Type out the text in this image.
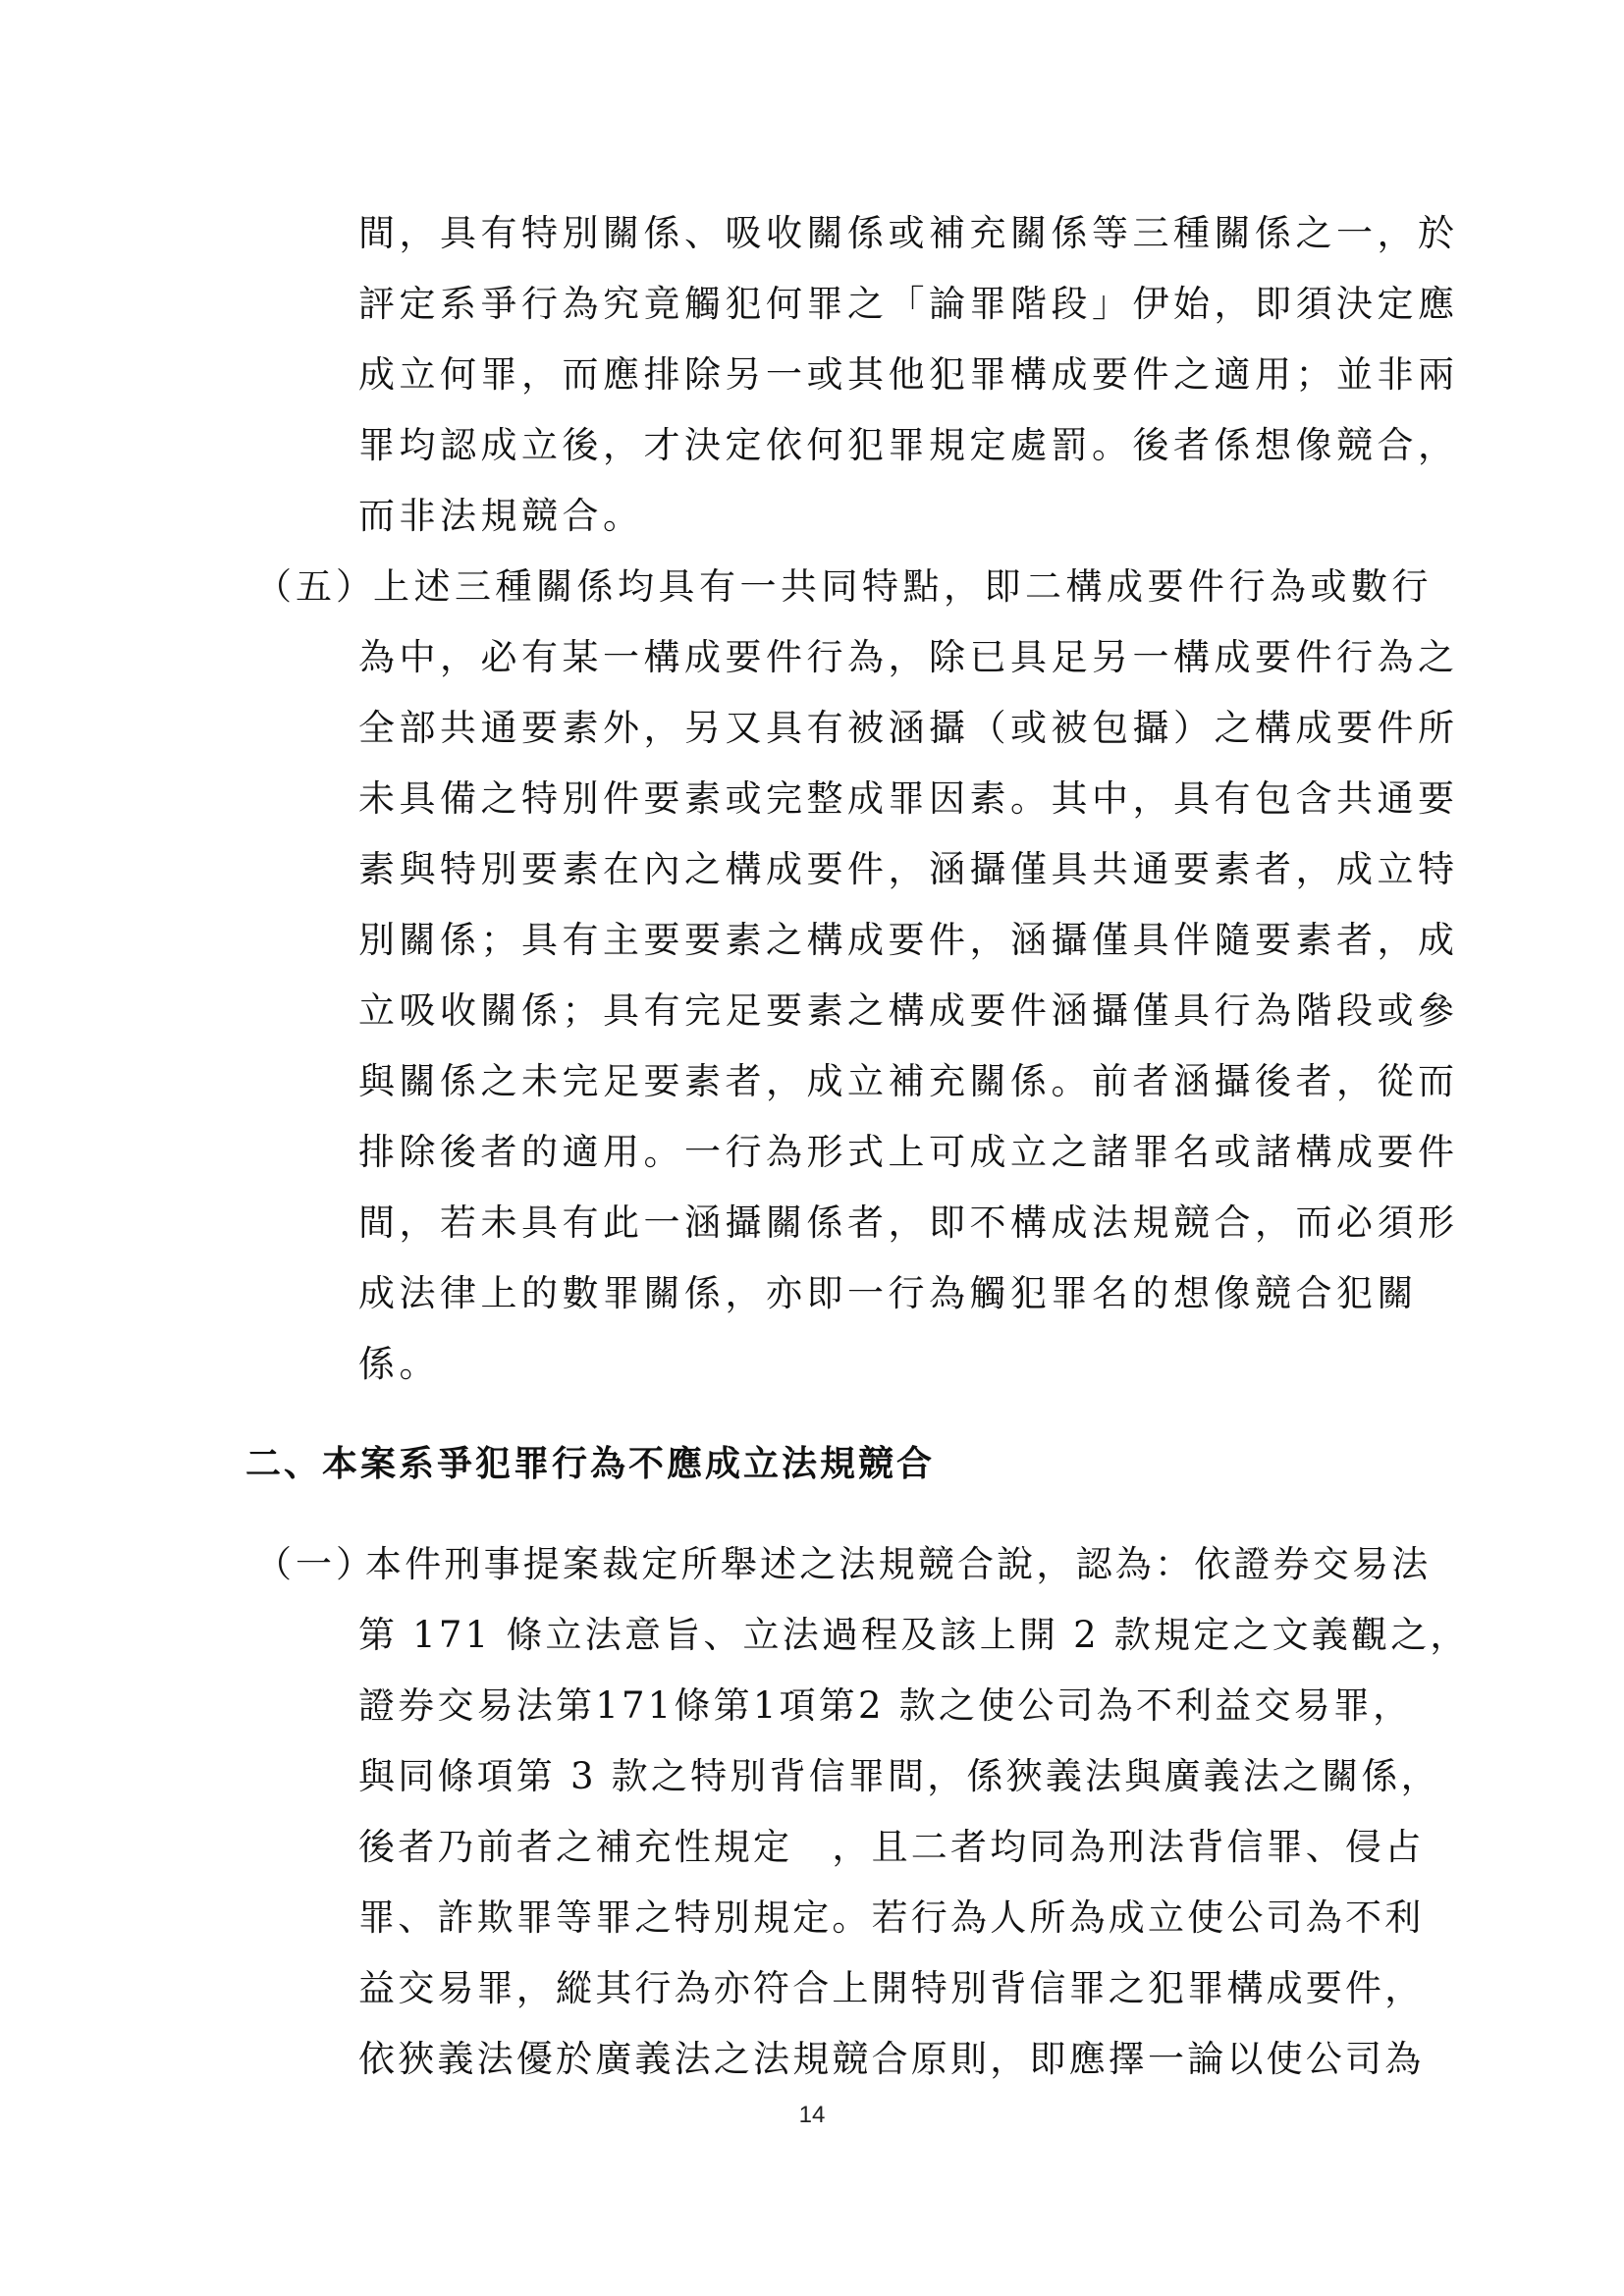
間，具有特別關係、吸收關係或補充關係等三種關係之一，於

評定系爭行為究竟觸犯何罪之「論罪階段」伊始，即須決定應

成立何罪，而應排除另一或其他犯罪構成要件之適用；並非兩

罪均認成立後，才決定依何犯罪規定處罰。後者係想像競合，

而非法規競合。

（五）

上述三種關係均具有一共同特點，即二構成要件行為或數行

為中，必有某一構成要件行為，除已具足另一構成要件行為之

全部共通要素外，另又具有被涵攝（或被包攝）之構成要件所

未具備之特別件要素或完整成罪因素。其中，具有包含共通要

素與特別要素在內之構成要件，涵攝僅具共通要素者，成立特

別關係；具有主要要素之構成要件，涵攝僅具伴隨要素者，成

立吸收關係；具有完足要素之構成要件涵攝僅具行為階段或參

與關係之未完足要素者，成立補充關係。前者涵攝後者，從而

排除後者的適用。一行為形式上可成立之諸罪名或諸構成要件

間，若未具有此一涵攝關係者，即不構成法規競合，而必須形

成法律上的數罪關係，亦即一行為觸犯罪名的想像競合犯關

係。

二、本案系爭犯罪行為不應成立法規競合
（一）

本件刑事提案裁定所舉述之法規競合說，認為：依證券交易法

第 171 條立法意旨、立法過程及該上開 2 款規定之文義觀之，

證券交易法第171條第1項第2 款之使公司為不利益交易罪，

與同條項第 3 款之特別背信罪間，係狹義法與廣義法之關係，

後者乃前者之補充性規定　，且二者均同為刑法背信罪、侵占

罪、詐欺罪等罪之特別規定。若行為人所為成立使公司為不利

益交易罪，縱其行為亦符合上開特別背信罪之犯罪構成要件，

依狹義法優於廣義法之法規競合原則，即應擇一論以使公司為

14
